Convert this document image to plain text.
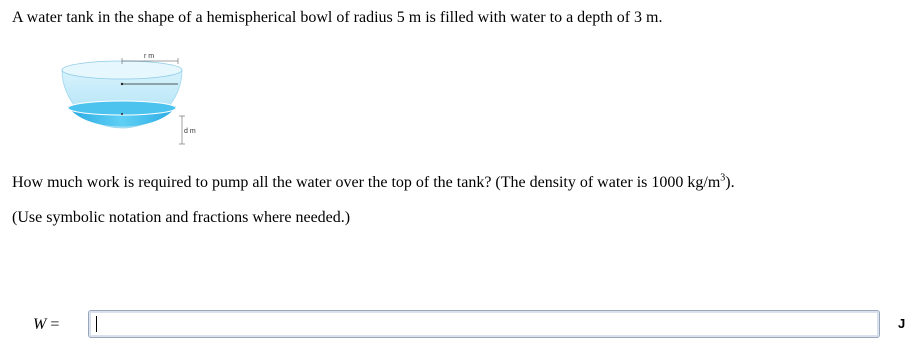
A water tank in the shape of a hemispherical bowl of radius 5 m is filled with water to a depth of 3 m.
r m
d m
How much work is required to pump all the water over the top of the tank? (The density of water is 1000 $kg/m^3$).
(Use symbolic notation and fractions where needed.)
W =	J
